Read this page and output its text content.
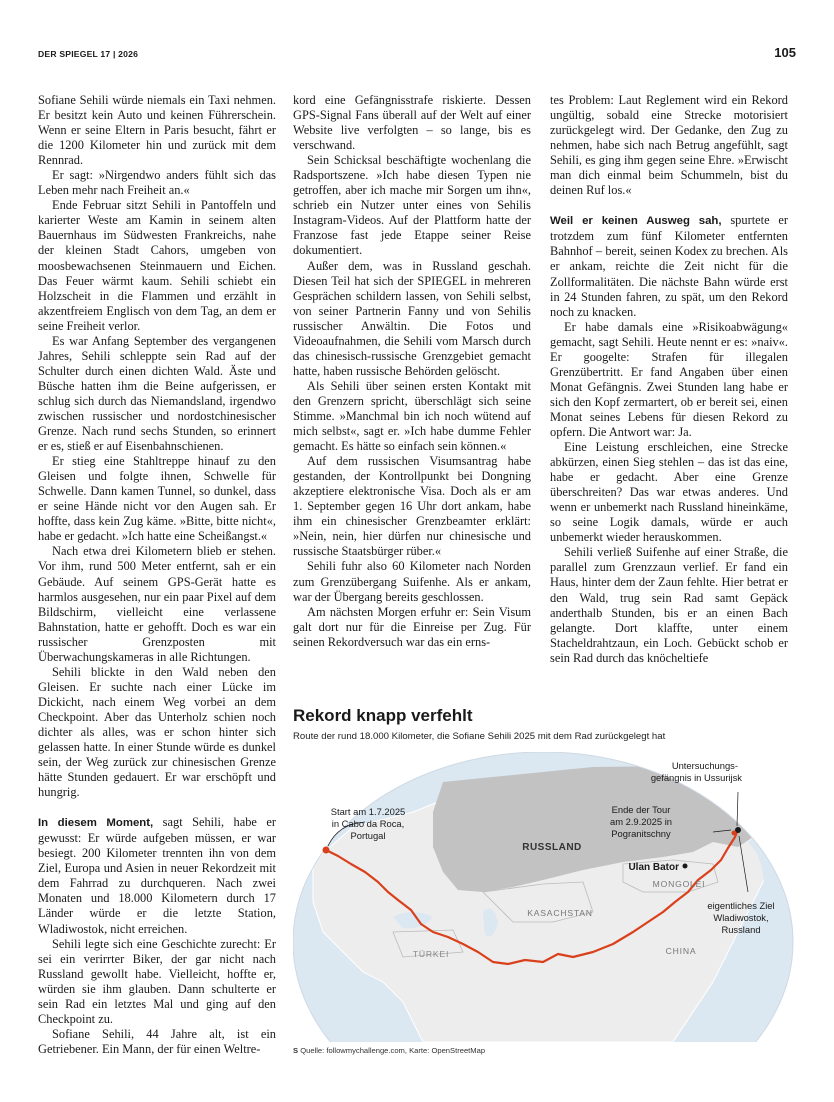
DER SPIEGEL 17 | 2026	105

Sofiane Sehili würde niemals ein Taxi nehmen. Er besitzt kein Auto und keinen Führerschein. Wenn er seine Eltern in Paris besucht, fährt er die 1200 Kilometer hin und zurück mit dem Rennrad.

Er sagt: »Nirgendwo anders fühlt sich das Leben mehr nach Freiheit an.«

Ende Februar sitzt Sehili in Pantoffeln und karierter Weste am Kamin in seinem alten Bauernhaus im Südwesten Frankreichs, nahe der kleinen Stadt Cahors, umgeben von moosbewachsenen Steinmauern und Eichen. Das Feuer wärmt kaum. Sehili schiebt ein Holzscheit in die Flammen und erzählt in akzentfreiem Englisch von dem Tag, an dem er seine Freiheit verlor.

Es war Anfang September des vergangenen Jahres, Sehili schleppte sein Rad auf der Schulter durch einen dichten Wald. Äste und Büsche hatten ihm die Beine aufgerissen, er schlug sich durch das Niemandsland, irgendwo zwischen russischer und nordostchinesischer Grenze. Nach rund sechs Stunden, so erinnert er es, stieß er auf Eisenbahnschienen.

Er stieg eine Stahltreppe hinauf zu den Gleisen und folgte ihnen, Schwelle für Schwelle. Dann kamen Tunnel, so dunkel, dass er seine Hände nicht vor den Augen sah. Er hoffte, dass kein Zug käme. »Bitte, bitte nicht«, habe er gedacht. »Ich hatte eine Scheißangst.«

Nach etwa drei Kilometern blieb er stehen. Vor ihm, rund 500 Meter entfernt, sah er ein Gebäude. Auf seinem GPS-Gerät hatte es harmlos ausgesehen, nur ein paar Pixel auf dem Bildschirm, vielleicht eine verlassene Bahnstation, hatte er gehofft. Doch es war ein russischer Grenzposten mit Überwachungskameras in alle Richtungen.

Sehili blickte in den Wald neben den Gleisen. Er suchte nach einer Lücke im Dickicht, nach einem Weg vorbei an dem Checkpoint. Aber das Unterholz schien noch dichter als alles, was er schon hinter sich gelassen hatte. In einer Stunde würde es dunkel sein, der Weg zurück zur chinesischen Grenze hätte Stunden gedauert. Er war erschöpft und hungrig.

In diesem Moment, sagt Sehili, habe er gewusst: Er würde aufgeben müssen, er war besiegt. 200 Kilometer trennten ihn von dem Ziel, Europa und Asien in neuer Rekordzeit mit dem Fahrrad zu durchqueren. Nach zwei Monaten und 18.000 Kilometern durch 17 Länder würde er die letzte Station, Wladiwostok, nicht erreichen.

Sehili legte sich eine Geschichte zurecht: Er sei ein verirrter Biker, der gar nicht nach Russland gewollt habe. Vielleicht, hoffte er, würden sie ihm glauben. Dann schulterte er sein Rad ein letztes Mal und ging auf den Checkpoint zu.

Sofiane Sehili, 44 Jahre alt, ist ein Getriebener. Ein Mann, der für einen Weltre-

kord eine Gefängnisstrafe riskierte. Dessen GPS-Signal Fans überall auf der Welt auf einer Website live verfolgten – so lange, bis es verschwand.

Sein Schicksal beschäftigte wochenlang die Radsportszene. »Ich habe diesen Typen nie getroffen, aber ich mache mir Sorgen um ihn«, schrieb ein Nutzer unter eines von Sehilis Instagram-Videos. Auf der Plattform hatte der Franzose fast jede Etappe seiner Reise dokumentiert.

Außer dem, was in Russland geschah. Diesen Teil hat sich der SPIEGEL in mehreren Gesprächen schildern lassen, von Sehili selbst, von seiner Partnerin Fanny und von Sehilis russischer Anwältin. Die Fotos und Videoaufnahmen, die Sehili vom Marsch durch das chinesisch-russische Grenzgebiet gemacht hatte, haben russische Behörden gelöscht.

Als Sehili über seinen ersten Kontakt mit den Grenzern spricht, überschlägt sich seine Stimme. »Manchmal bin ich noch wütend auf mich selbst«, sagt er. »Ich habe dumme Fehler gemacht. Es hätte so einfach sein können.«

Auf dem russischen Visumsantrag habe gestanden, der Kontrollpunkt bei Dongning akzeptiere elektronische Visa. Doch als er am 1. September gegen 16 Uhr dort ankam, habe ihm ein chinesischer Grenzbeamter erklärt: »Nein, nein, hier dürfen nur chinesische und russische Staatsbürger rüber.«

Sehili fuhr also 60 Kilometer nach Norden zum Grenzübergang Suifenhe. Als er ankam, war der Übergang bereits geschlossen.

Am nächsten Morgen erfuhr er: Sein Visum galt dort nur für die Einreise per Zug. Für seinen Rekordversuch war das ein erns-

tes Problem: Laut Reglement wird ein Rekord ungültig, sobald eine Strecke motorisiert zurückgelegt wird. Der Gedanke, den Zug zu nehmen, habe sich nach Betrug angefühlt, sagt Sehili, es ging ihm gegen seine Ehre. »Erwischt man dich einmal beim Schummeln, bist du deinen Ruf los.«

Weil er keinen Ausweg sah, spurtete er trotzdem zum fünf Kilometer entfernten Bahnhof – bereit, seinen Kodex zu brechen. Als er ankam, reichte die Zeit nicht für die Zollformalitäten. Die nächste Bahn würde erst in 24 Stunden fahren, zu spät, um den Rekord noch zu knacken.

Er habe damals eine »Risikoabwägung« gemacht, sagt Sehili. Heute nennt er es: »naiv«. Er googelte: Strafen für illegalen Grenzübertritt. Er fand Angaben über einen Monat Gefängnis. Zwei Stunden lang habe er sich den Kopf zermartert, ob er bereit sei, einen Monat seines Lebens für diesen Rekord zu opfern. Die Antwort war: Ja.

Eine Leistung erschleichen, eine Strecke abkürzen, einen Sieg stehlen – das ist das eine, habe er gedacht. Aber eine Grenze überschreiten? Das war etwas anderes. Und wenn er unbemerkt nach Russland hineinkäme, so seine Logik damals, würde er auch unbemerkt wieder herauskommen.

Sehili verließ Suifenhe auf einer Straße, die parallel zum Grenzzaun verlief. Er fand ein Haus, hinter dem der Zaun fehlte. Hier betrat er den Wald, trug sein Rad samt Gepäck anderthalb Stunden, bis er an einen Bach gelangte. Dort klaffte, unter einem Stacheldrahtzaun, ein Loch. Gebückt schob er sein Rad durch das knöcheltiefe

Rekord knapp verfehlt
Route der rund 18.000 Kilometer, die Sofiane Sehili 2025 mit dem Rad zurückgelegt hat
Start am 1.7.2025
in Cabo da Roca,
Portugal
Untersuchungs-
gefängnis in Ussurijsk
Ende der Tour
am 2.9.2025 in
Pogranitschny
RUSSLAND
Ulan Bator
MONGOLEI
KASACHSTAN
CHINA
TÜRKEI
eigentliches Ziel
Wladiwostok,
Russland
S Quelle: followmychallenge.com, Karte: OpenStreetMap
